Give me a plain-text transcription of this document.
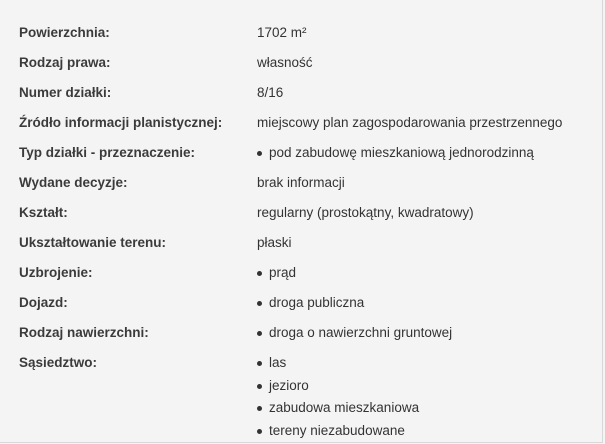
Powierzchnia:	1702 m²
Rodzaj prawa:	własność
Numer działki:	8/16
Źródło informacji planistycznej:	miejscowy plan zagospodarowania przestrzennego
Typ działki - przeznaczenie:	pod zabudowę mieszkaniową jednorodzinną
Wydane decyzje:	brak informacji
Kształt:	regularny (prostokątny, kwadratowy)
Ukształtowanie terenu:	płaski
Uzbrojenie:	prąd
Dojazd:	droga publiczna
Rodzaj nawierzchni:	droga o nawierzchni gruntowej
Sąsiedztwo:	las
jezioro
zabudowa mieszkaniowa
tereny niezabudowane
